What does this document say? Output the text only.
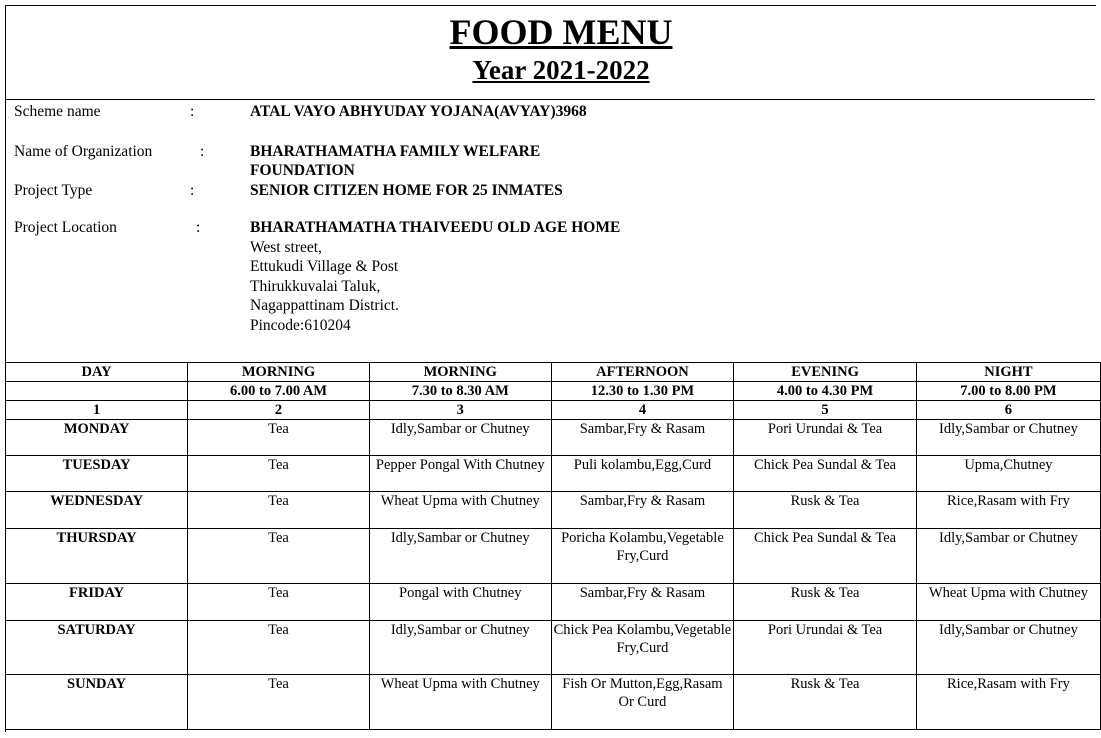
FOOD MENU
Year 2021-2022
Scheme name	:	ATAL VAYO ABHYUDAY YOJANA(AVYAY)3968
Name of Organization	:	BHARATHAMATHA FAMILY WELFARE
FOUNDATION
Project Type	:	SENIOR CITIZEN HOME FOR 25 INMATES
Project Location	:	BHARATHAMATHA THAIVEEDU OLD AGE HOME
West street,
Ettukudi Village & Post
Thirukkuvalai Taluk,
Nagappattinam District.
Pincode:610204
DAY	MORNING	MORNING	AFTERNOON	EVENING	NIGHT
	6.00 to 7.00 AM	7.30 to 8.30 AM	12.30 to 1.30 PM	4.00 to 4.30 PM	7.00 to 8.00 PM
1	2	3	4	5	6
MONDAY	Tea	Idly,Sambar or Chutney	Sambar,Fry & Rasam	Pori Urundai & Tea	Idly,Sambar or Chutney
TUESDAY	Tea	Pepper Pongal With Chutney	Puli kolambu,Egg,Curd	Chick Pea Sundal & Tea	Upma,Chutney
WEDNESDAY	Tea	Wheat Upma with Chutney	Sambar,Fry & Rasam	Rusk & Tea	Rice,Rasam with Fry
THURSDAY	Tea	Idly,Sambar or Chutney	Poricha Kolambu,Vegetable Fry,Curd	Chick Pea Sundal & Tea	Idly,Sambar or Chutney
FRIDAY	Tea	Pongal with Chutney	Sambar,Fry & Rasam	Rusk & Tea	Wheat Upma with Chutney
SATURDAY	Tea	Idly,Sambar or Chutney	Chick Pea Kolambu,Vegetable Fry,Curd	Pori Urundai & Tea	Idly,Sambar or Chutney
SUNDAY	Tea	Wheat Upma with Chutney	Fish Or Mutton,Egg,Rasam Or Curd	Rusk & Tea	Rice,Rasam with Fry
